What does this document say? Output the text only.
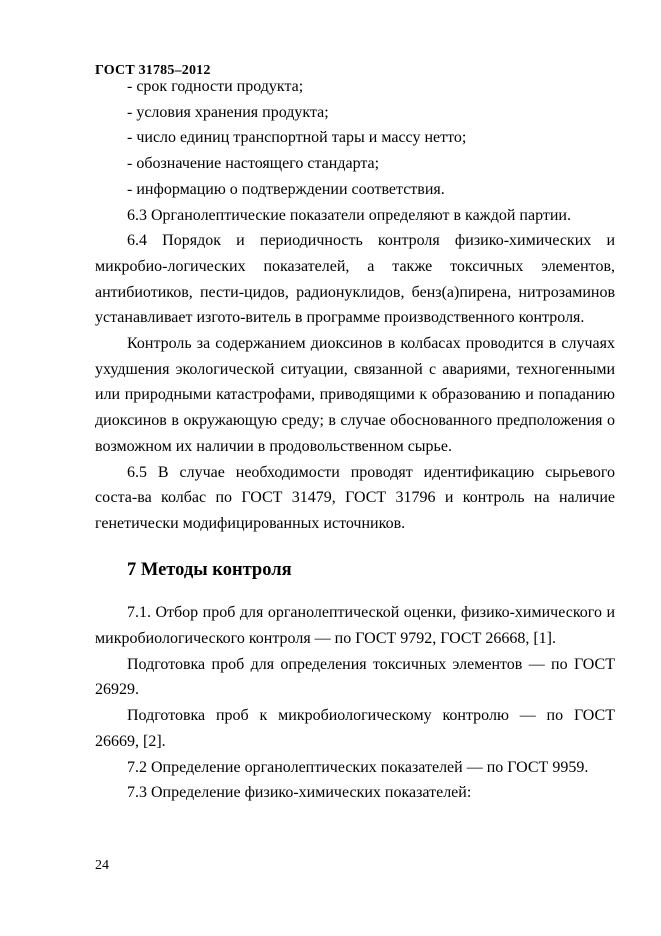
ГОСТ 31785–2012

- срок годности продукта;

- условия хранения продукта;

- число единиц транспортной тары и массу нетто;

- обозначение настоящего стандарта;

- информацию о подтверждении соответствия.

6.3 Органолептические показатели определяют в каждой партии.

6.4 Порядок и периодичность контроля физико-химических и микробио-логических показателей, а также токсичных элементов, антибиотиков, пести-цидов, радионуклидов, бенз(а)пирена, нитрозаминов устанавливает изгото-витель в программе производственного контроля.

Контроль за содержанием диоксинов в колбасах проводится в случаях ухудшения экологической ситуации, связанной с авариями, техногенными или природными катастрофами, приводящими к образованию и попаданию диоксинов в окружающую среду; в случае обоснованного предположения о возможном их наличии в продовольственном сырье.

6.5 В случае необходимости проводят идентификацию сырьевого соста-ва колбас по ГОСТ 31479, ГОСТ 31796 и контроль на наличие генетически модифицированных источников.

7 Методы контроля

7.1. Отбор проб для органолептической оценки, физико-химического и микробиологического контроля — по ГОСТ 9792, ГОСТ 26668, [1].

Подготовка проб для определения токсичных элементов — по ГОСТ 26929.

Подготовка проб к микробиологическому контролю — по ГОСТ 26669, [2].

7.2 Определение органолептических показателей — по ГОСТ 9959.

7.3 Определение физико-химических показателей:

24
